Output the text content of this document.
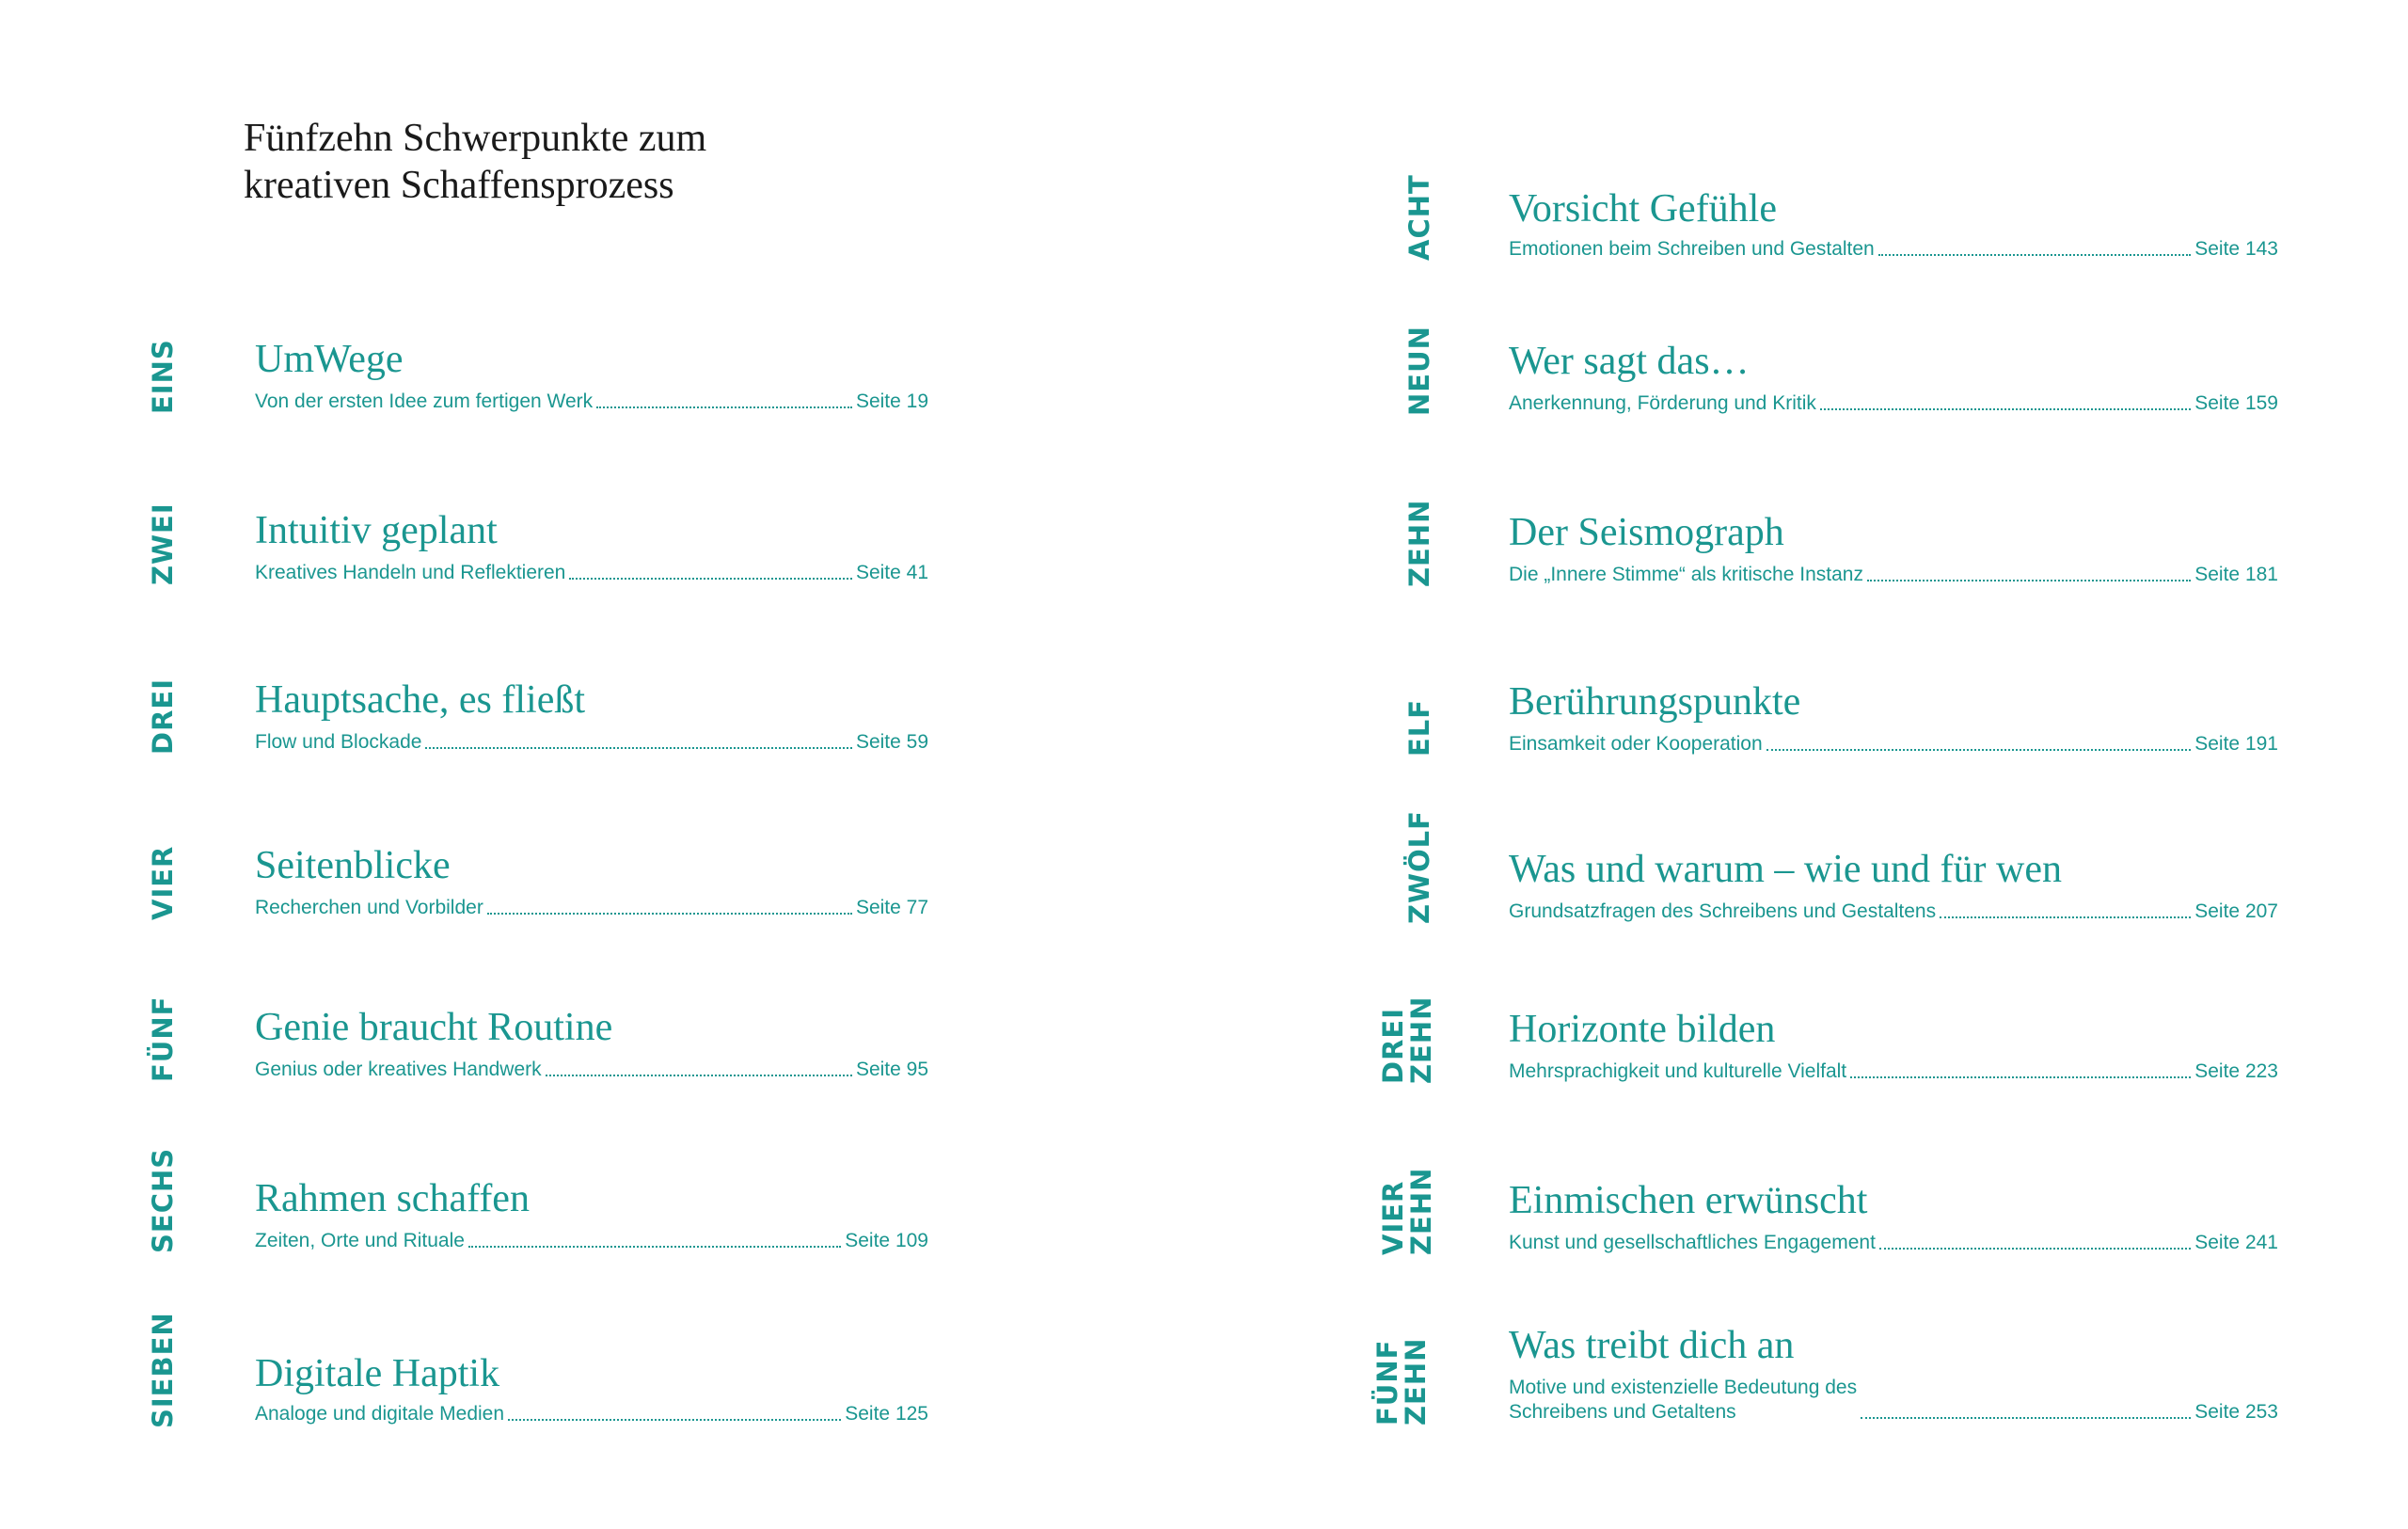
Fünfzehn Schwerpunkte zum
kreativen Schaffensprozess
EINS UmWege
Von der ersten Idee zum fertigen Werk	Seite 19
ZWEI Intuitiv geplant
Kreatives Handeln und Reflektieren	Seite 41
DREI Hauptsache, es fließt
Flow und Blockade	Seite 59
VIER Seitenblicke
Recherchen und Vorbilder	Seite 77
FÜNF Genie braucht Routine
Genius oder kreatives Handwerk	Seite 95
SECHS Rahmen schaffen
Zeiten, Orte und Rituale	Seite 109
SIEBEN Digitale Haptik
Analoge und digitale Medien	Seite 125
ACHT Vorsicht Gefühle
Emotionen beim Schreiben und Gestalten	Seite 143
NEUN Wer sagt das…
Anerkennung, Förderung und Kritik	Seite 159
ZEHN Der Seismograph
Die „Innere Stimme“ als kritische Instanz	Seite 181
ELF Berührungspunkte
Einsamkeit oder Kooperation	Seite 191
ZWÖLF Was und warum – wie und für wen
Grundsatzfragen des Schreibens und Gestaltens	Seite 207
DREI
ZEHN Horizonte bilden
Mehrsprachigkeit und kulturelle Vielfalt	Seite 223
VIER
ZEHN Einmischen erwünscht
Kunst und gesellschaftliches Engagement	Seite 241
FÜNF
ZEHN Was treibt dich an
Motive und existenzielle Bedeutung des
Schreibens und Getaltens	Seite 253
